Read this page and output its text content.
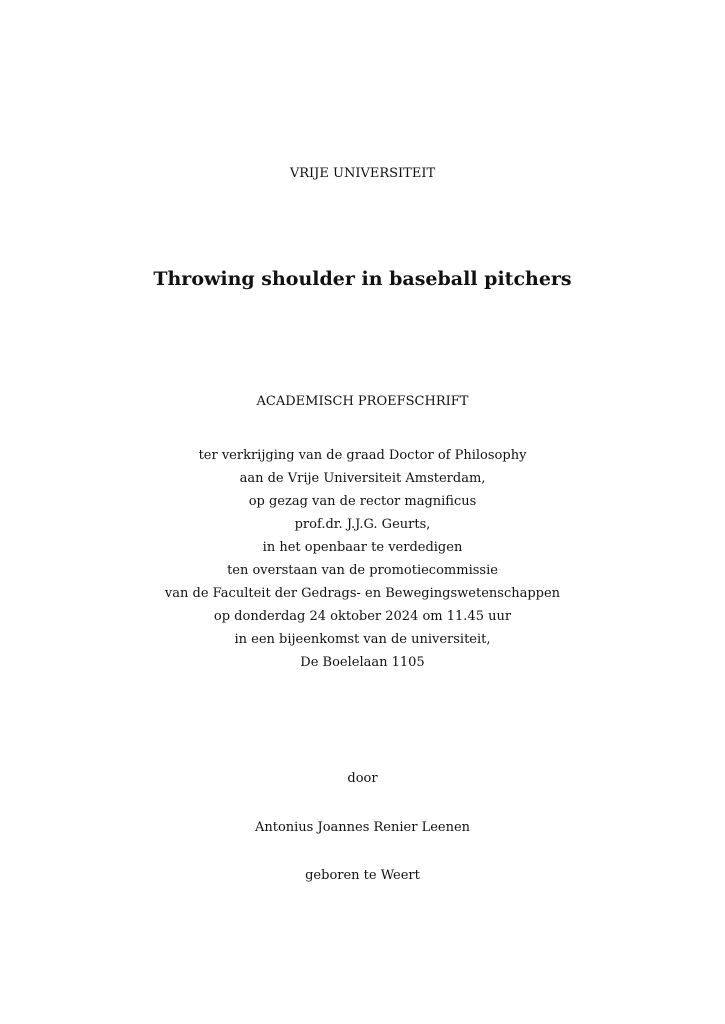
VRIJE UNIVERSITEIT
Throwing shoulder in baseball pitchers
ACADEMISCH PROEFSCHRIFT
ter verkrijging van de graad Doctor of Philosophy
aan de Vrije Universiteit Amsterdam,
op gezag van de rector magnificus
prof.dr. J.J.G. Geurts,
in het openbaar te verdedigen
ten overstaan van de promotiecommissie
van de Faculteit der Gedrags- en Bewegingswetenschappen
op donderdag 24 oktober 2024 om 11.45 uur
in een bijeenkomst van de universiteit,
De Boelelaan 1105
door
Antonius Joannes Renier Leenen
geboren te Weert
